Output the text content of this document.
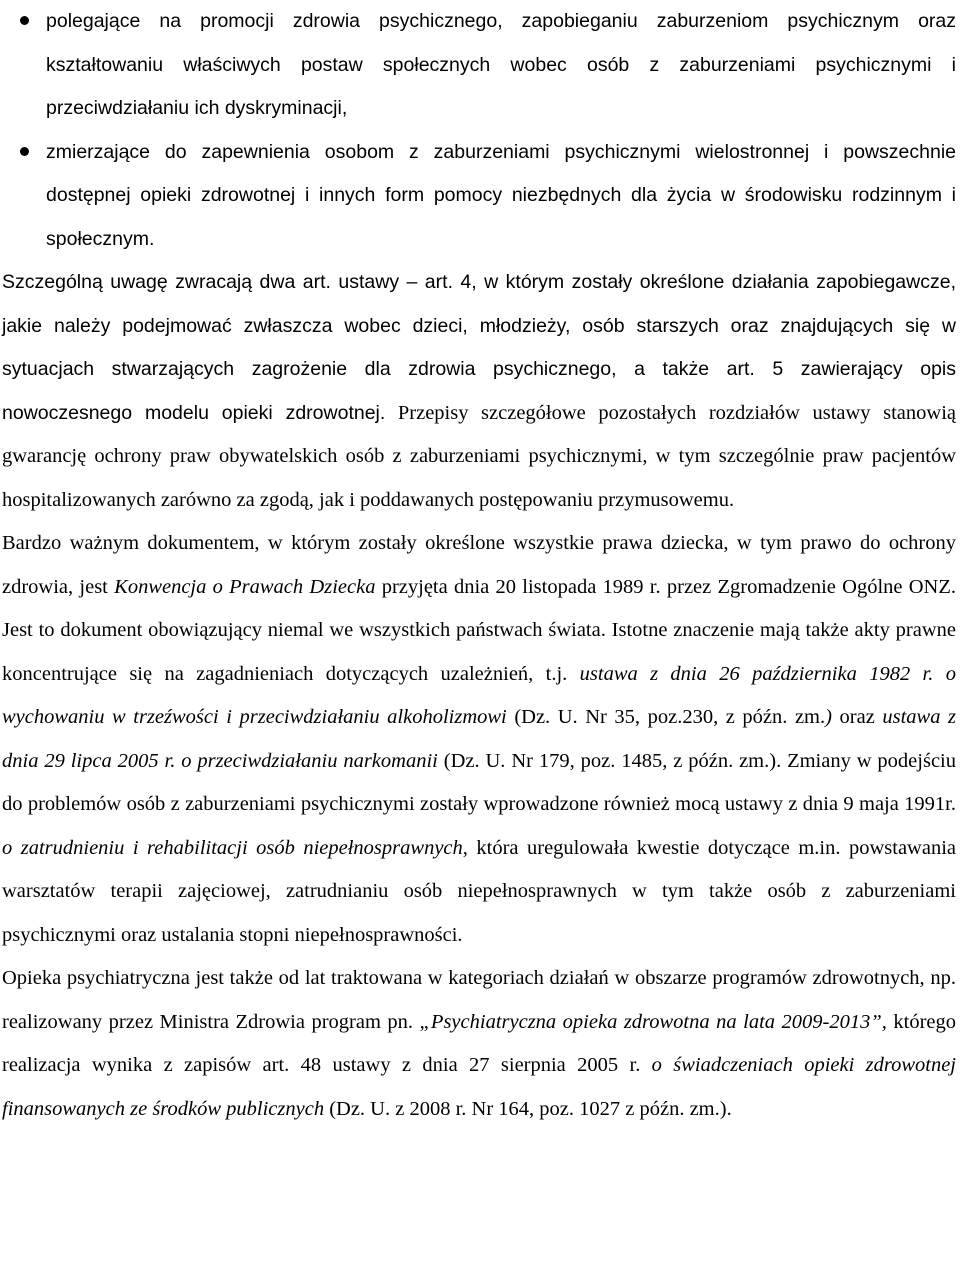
polegające na promocji zdrowia psychicznego, zapobieganiu zaburzeniom psychicznym oraz kształtowaniu właściwych postaw społecznych wobec osób z zaburzeniami psychicznymi i przeciwdziałaniu ich dyskryminacji,
zmierzające do zapewnienia osobom z zaburzeniami psychicznymi wielostronnej i powszechnie dostępnej opieki zdrowotnej i innych form pomocy niezbędnych dla życia w środowisku rodzinnym i społecznym.

Szczególną uwagę zwracają dwa art. ustawy – art. 4, w którym zostały określone działania zapobiegawcze, jakie należy podejmować zwłaszcza wobec dzieci, młodzieży, osób starszych oraz znajdujących się w sytuacjach stwarzających zagrożenie dla zdrowia psychicznego, a także art. 5 zawierający opis nowoczesnego modelu opieki zdrowotnej. Przepisy szczegółowe pozostałych rozdziałów ustawy stanowią gwarancję ochrony praw obywatelskich osób z zaburzeniami psychicznymi, w tym szczególnie praw pacjentów hospitalizowanych zarówno za zgodą, jak i poddawanych postępowaniu przymusowemu.

Bardzo ważnym dokumentem, w którym zostały określone wszystkie prawa dziecka, w tym prawo do ochrony zdrowia, jest Konwencja o Prawach Dziecka przyjęta dnia 20 listopada 1989 r. przez Zgromadzenie Ogólne ONZ. Jest to dokument obowiązujący niemal we wszystkich państwach świata. Istotne znaczenie mają także akty prawne koncentrujące się na zagadnieniach dotyczących uzależnień, t.j. ustawa z dnia 26 października 1982 r. o wychowaniu w trzeźwości i przeciwdziałaniu alkoholizmowi (Dz. U. Nr 35, poz.230, z późn. zm.) oraz ustawa z dnia 29 lipca 2005 r. o przeciwdziałaniu narkomanii (Dz. U. Nr 179, poz. 1485, z późn. zm.). Zmiany w podejściu do problemów osób z zaburzeniami psychicznymi zostały wprowadzone również mocą ustawy z dnia 9 maja 1991r. o zatrudnieniu i rehabilitacji osób niepełnosprawnych, która uregulowała kwestie dotyczące m.in. powstawania warsztatów terapii zajęciowej, zatrudnianiu osób niepełnosprawnych w tym także osób z zaburzeniami psychicznymi oraz ustalania stopni niepełnosprawności.

Opieka psychiatryczna jest także od lat traktowana w kategoriach działań w obszarze programów zdrowotnych, np. realizowany przez Ministra Zdrowia program pn. „Psychiatryczna opieka zdrowotna na lata 2009-2013”, którego realizacja wynika z zapisów art. 48 ustawy z dnia 27 sierpnia 2005 r. o świadczeniach opieki zdrowotnej finansowanych ze środków publicznych (Dz. U. z 2008 r. Nr 164, poz. 1027 z późn. zm.).
